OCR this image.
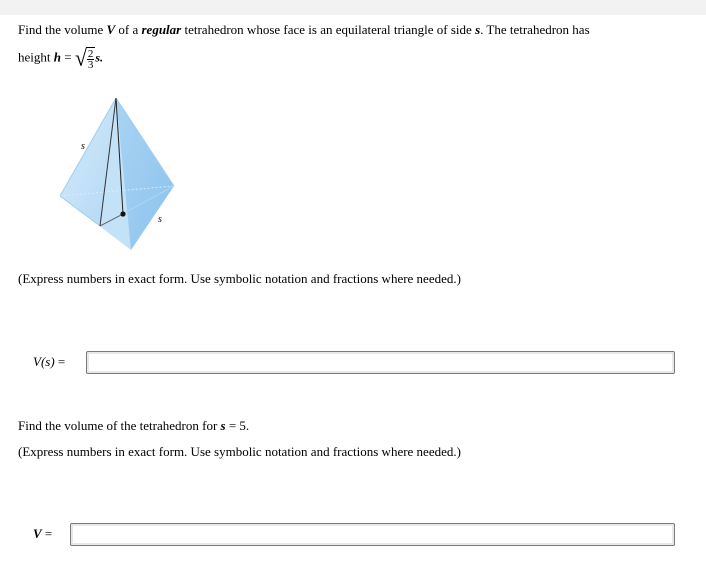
Find the volume V of a regular tetrahedron whose face is an equilateral triangle of side s. The tetrahedron has
height h = √ $\frac{2}{3} s$.
s
s
(Express numbers in exact form. Use symbolic notation and fractions where needed.)
V(s) =
Find the volume of the tetrahedron for s = 5.
(Express numbers in exact form. Use symbolic notation and fractions where needed.)
V =
